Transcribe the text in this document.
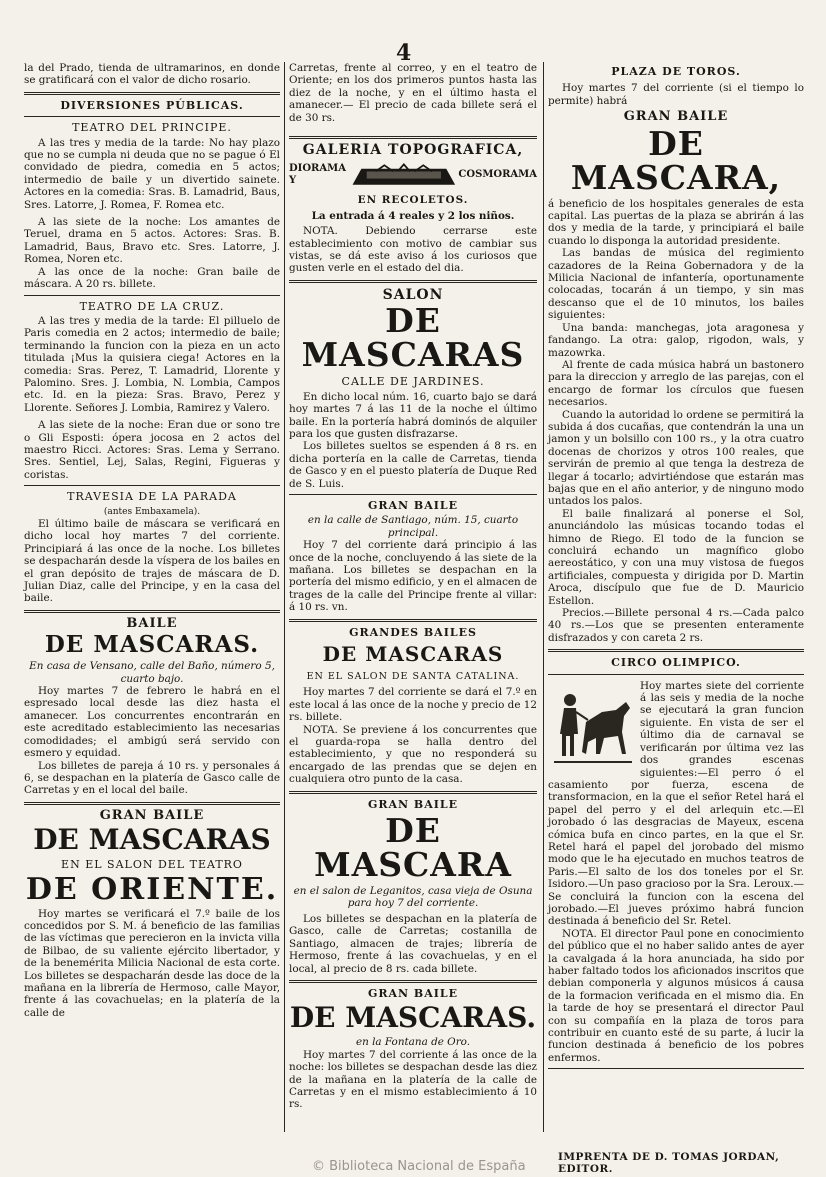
4

la del Prado, tienda de ultramarinos, en donde se gratificará con el valor de dicho rosario.

DIVERSIONES PÚBLICAS.
TEATRO DEL PRINCIPE.

A las tres y media de la tarde: No hay plazo que no se cumpla ni deuda que no se pague ó El convidado de piedra, comedia en 5 actos; intermedio de baile y un divertido sainete. Actores en la comedia: Sras. B. Lamadrid, Baus, Sres. Latorre, J. Romea, F. Romea etc.

A las siete de la noche: Los amantes de Teruel, drama en 5 actos. Actores: Sras. B. Lamadrid, Baus, Bravo etc. Sres. Latorre, J. Romea, Noren etc.

A las once de la noche: Gran baile de máscara. A 20 rs. billete.

TEATRO DE LA CRUZ.

A las tres y media de la tarde: El pilluelo de Paris comedia en 2 actos; intermedio de baile; terminando la funcion con la pieza en un acto titulada ¡Mus la quisiera ciega! Actores en la comedia: Sras. Perez, T. Lamadrid, Llorente y Palomino. Sres. J. Lombia, N. Lombia, Campos etc. Id. en la pieza: Sras. Bravo, Perez y Llorente. Señores J. Lombia, Ramirez y Valero.

A las siete de la noche: Eran due or sono tre o Gli Esposti: ópera jocosa en 2 actos del maestro Ricci. Actores: Sras. Lema y Serrano. Sres. Sentiel, Lej, Salas, Regini, Figueras y coristas.

TRAVESIA DE LA PARADA
(antes Embaxamela).

El último baile de máscara se verificará en dicho local hoy martes 7 del corriente. Principiará á las once de la noche. Los billetes se despacharán desde la víspera de los bailes en el gran depósito de trajes de máscara de D. Julian Diaz, calle del Principe, y en la casa del baile.

BAILE
DE MASCARAS.

En casa de Vensano, calle del Baño, número 5, cuarto bajo.

Hoy martes 7 de febrero le habrá en el espresado local desde las diez hasta el amanecer. Los concurrentes encontrarán en este acreditado establecimiento las necesarias comodidades; el ambigú será servido con esmero y equidad.

Los billetes de pareja á 10 rs. y personales á 6, se despachan en la platería de Gasco calle de Carretas y en el local del baile.

GRAN BAILE
DE MASCARAS
EN EL SALON DEL TEATRO
DE ORIENTE.

Hoy martes se verificará el 7.º baile de los concedidos por S. M. á beneficio de las familias de las víctimas que perecieron en la invicta villa de Bilbao, de su valiente ejército libertador, y de la benemérita Milicia Nacional de esta corte. Los billetes se despacharán desde las doce de la mañana en la librería de Hermoso, calle Mayor, frente á las covachuelas; en la platería de la calle de

Carretas, frente al correo, y en el teatro de Oriente; en los dos primeros puntos hasta las diez de la noche, y en el último hasta el amanecer.— El precio de cada billete será el de 30 rs.

GALERIA TOPOGRAFICA,
DIORAMA Y
COSMORAMA
EN RECOLETOS.
La entrada á 4 reales y 2 los niños.

NOTA. Debiendo cerrarse este establecimiento con motivo de cambiar sus vistas, se dá este aviso á los curiosos que gusten verle en el estado del dia.

SALON
DE MASCARAS
CALLE DE JARDINES.

En dicho local núm. 16, cuarto bajo se dará hoy martes 7 á las 11 de la noche el último baile. En la portería habrá dominós de alquiler para los que gusten disfrazarse.

Los billetes sueltos se espenden á 8 rs. en dicha portería en la calle de Carretas, tienda de Gasco y en el puesto platería de Duque Red de S. Luis.

GRAN BAILE

en la calle de Santiago, núm. 15, cuarto principal.

Hoy 7 del corriente dará principio á las once de la noche, concluyendo á las siete de la mañana. Los billetes se despachan en la portería del mismo edificio, y en el almacen de trages de la calle del Principe frente al villar: á 10 rs. vn.

GRANDES BAILES
DE MASCARAS
EN EL SALON DE SANTA CATALINA.

Hoy martes 7 del corriente se dará el 7.º en este local á las once de la noche y precio de 12 rs. billete.

NOTA. Se previene á los concurrentes que el guarda-ropa se halla dentro del establecimiento, y que no responderá su encargado de las prendas que se dejen en cualquiera otro punto de la casa.

GRAN BAILE
DE MASCARA

en el salon de Leganitos, casa vieja de Osuna para hoy 7 del corriente.

Los billetes se despachan en la platería de Gasco, calle de Carretas; costanilla de Santiago, almacen de trajes; librería de Hermoso, frente á las covachuelas, y en el local, al precio de 8 rs. cada billete.

GRAN BAILE
DE MASCARAS.

en la Fontana de Oro.

Hoy martes 7 del corriente á las once de la noche: los billetes se despachan desde las diez de la mañana en la platería de la calle de Carretas y en el mismo establecimiento á 10 rs.

PLAZA DE TOROS.

Hoy martes 7 del corriente (si el tiempo lo permite) habrá

GRAN BAILE
DE MASCARA,

á beneficio de los hospitales generales de esta capital. Las puertas de la plaza se abrirán á las dos y media de la tarde, y principiará el baile cuando lo disponga la autoridad presidente.

Las bandas de música del regimiento cazadores de la Reina Gobernadora y de la Milicia Nacional de infantería, oportunamente colocadas, tocarán á un tiempo, y sin mas descanso que el de 10 minutos, los bailes siguientes:

Una banda: manchegas, jota aragonesa y fandango. La otra: galop, rigodon, wals, y mazowrka.

Al frente de cada música habrá un bastonero para la direccion y arreglo de las parejas, con el encargo de formar los círculos que fuesen necesarios.

Cuando la autoridad lo ordene se permitirá la subida á dos cucañas, que contendrán la una un jamon y un bolsillo con 100 rs., y la otra cuatro docenas de chorizos y otros 100 reales, que servirán de premio al que tenga la destreza de llegar á tocarlo; advirtiéndose que estarán mas bajas que en el año anterior, y de ninguno modo untados los palos.

El baile finalizará al ponerse el Sol, anunciándolo las músicas tocando todas el himno de Riego. El todo de la funcion se concluirá echando un magnífico globo aereostático, y con una muy vistosa de fuegos artificiales, compuesta y dirigida por D. Martin Aroca, discípulo que fue de D. Mauricio Estellon.

Precios.—Billete personal 4 rs.—Cada palco 40 rs.—Los que se presenten enteramente disfrazados y con careta 2 rs.

CIRCO OLIMPICO.

Hoy martes siete del corriente á las seis y media de la noche se ejecutará la gran funcion siguiente. En vista de ser el último dia de carnaval se verificarán por última vez las dos grandes escenas siguientes:—El perro ó el casamiento por fuerza, escena de transformacion, en la que el señor Retel hará el papel del perro y el del arlequin etc.—El jorobado ó las desgracias de Mayeux, escena cómica bufa en cinco partes, en la que el Sr. Retel hará el papel del jorobado del mismo modo que le ha ejecutado en muchos teatros de Paris.—El salto de los dos toneles por el Sr. Isidoro.—Un paso gracioso por la Sra. Leroux.—Se concluirá la funcion con la escena del jorobado.—El jueves próximo habrá funcion destinada á beneficio del Sr. Retel.

NOTA. El director Paul pone en conocimiento del público que el no haber salido antes de ayer la cavalgada á la hora anunciada, ha sido por haber faltado todos los aficionados inscritos que debian componerla y algunos músicos á causa de la formacion verificada en el mismo dia. En la tarde de hoy se presentará el director Paul con su compañía en la plaza de toros para contribuir en cuanto esté de su parte, á lucir la funcion destinada á beneficio de los pobres enfermos.

IMPRENTA DE D. TOMAS JORDAN, EDITOR.
© Biblioteca Nacional de España
